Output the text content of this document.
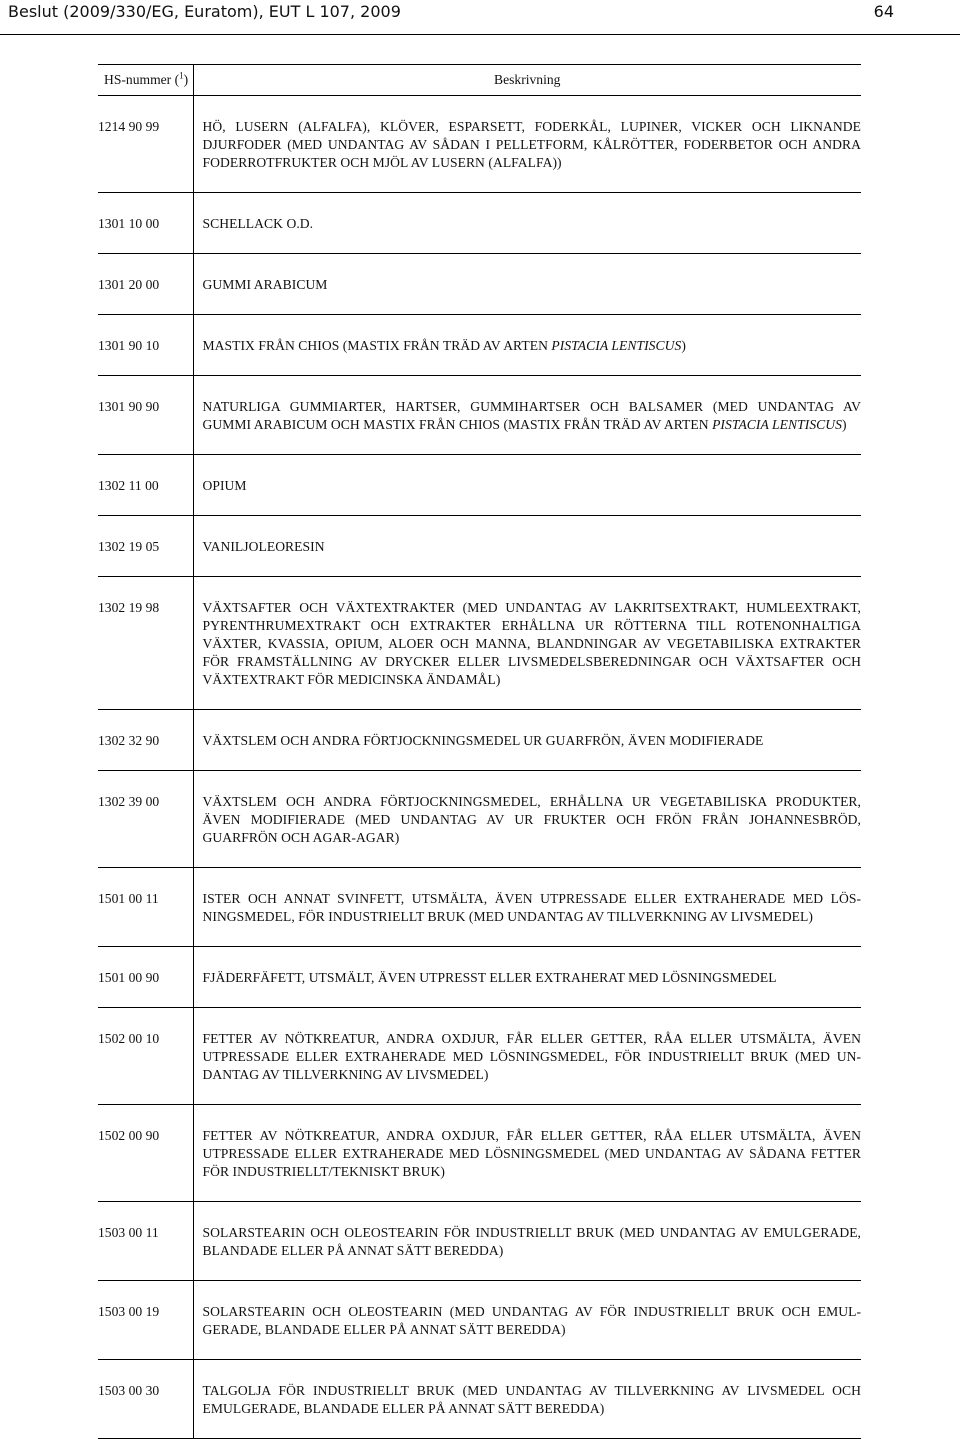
Beslut (2009/330/EG, Euratom), EUT L 107, 2009	64
HS-nummer ($^1$)	Beskrivning
1214 90 99	HÖ, LUSERN (ALFALFA), KLÖVER, ESPARSETT, FODERKÅL, LUPINER, VICKER OCH LIKNANDE DJURFODER (MED UNDANTAG AV SÅDAN I PELLETFORM, KÅLRÖTTER, FODERBETOR OCH ANDRA FODERROTFRUKTER OCH MJÖL AV LUSERN (ALFALFA))
1301 10 00	SCHELLACK O.D.
1301 20 00	GUMMI ARABICUM
1301 90 10	MASTIX FRÅN CHIOS (MASTIX FRÅN TRÄD AV ARTEN PISTACIA LENTISCUS)
1301 90 90	NATURLIGA GUMMIARTER, HARTSER, GUMMIHARTSER OCH BALSAMER (MED UNDANTAG AV GUMMI ARABICUM OCH MASTIX FRÅN CHIOS (MASTIX FRÅN TRÄD AV ARTEN PISTACIA LENTISCUS)
1302 11 00	OPIUM
1302 19 05	VANILJOLEORESIN
1302 19 98	VÄXTSAFTER OCH VÄXTEXTRAKTER (MED UNDANTAG AV LAKRITSEXTRAKT, HUMLEEXTRAKT, PYRENTHRUMEXTRAKT OCH EXTRAKTER ERHÅLLNA UR RÖTTERNA TILL ROTENONHALTIGA VÄXTER, KVASSIA, OPIUM, ALOER OCH MANNA, BLANDNINGAR AV VEGETABILISKA EXTRAKTER FÖR FRAMSTÄLLNING AV DRYCKER ELLER LIVSMEDELSBEREDNINGAR OCH VÄXTSAFTER OCH VÄXTEXTRAKT FÖR MEDICINSKA ÄNDAMÅL)
1302 32 90	VÄXTSLEM OCH ANDRA FÖRTJOCKNINGSMEDEL UR GUARFRÖN, ÄVEN MODIFIERADE
1302 39 00	VÄXTSLEM OCH ANDRA FÖRTJOCKNINGSMEDEL, ERHÅLLNA UR VEGETABILISKA PRODUKTER, ÄVEN MODIFIERADE (MED UNDANTAG AV UR FRUKTER OCH FRÖN FRÅN JOHANNESBRÖD, GUARFRÖN OCH AGAR-AGAR)
1501 00 11	ISTER OCH ANNAT SVINFETT, UTSMÄLTA, ÄVEN UTPRESSADE ELLER EXTRAHERADE MED LÖSNINGSMEDEL, FÖR INDUSTRIELLT BRUK (MED UNDANTAG AV TILLVERKNING AV LIVSMEDEL)
1501 00 90	FJÄDERFÄFETT, UTSMÄLT, ÄVEN UTPRESST ELLER EXTRAHERAT MED LÖSNINGSMEDEL
1502 00 10	FETTER AV NÖTKREATUR, ANDRA OXDJUR, FÅR ELLER GETTER, RÅA ELLER UTSMÄLTA, ÄVEN UTPRESSADE ELLER EXTRAHERADE MED LÖSNINGSMEDEL, FÖR INDUSTRIELLT BRUK (MED UNDANTAG AV TILLVERKNING AV LIVSMEDEL)
1502 00 90	FETTER AV NÖTKREATUR, ANDRA OXDJUR, FÅR ELLER GETTER, RÅA ELLER UTSMÄLTA, ÄVEN UTPRESSADE ELLER EXTRAHERADE MED LÖSNINGSMEDEL (MED UNDANTAG AV SÅDANA FETTER FÖR INDUSTRIELLT/TEKNISKT BRUK)
1503 00 11	SOLARSTEARIN OCH OLEOSTEARIN FÖR INDUSTRIELLT BRUK (MED UNDANTAG AV EMULGERADE, BLANDADE ELLER PÅ ANNAT SÄTT BEREDDA)
1503 00 19	SOLARSTEARIN OCH OLEOSTEARIN (MED UNDANTAG AV FÖR INDUSTRIELLT BRUK OCH EMULGERADE, BLANDADE ELLER PÅ ANNAT SÄTT BEREDDA)
1503 00 30	TALGOLJA FÖR INDUSTRIELLT BRUK (MED UNDANTAG AV TILLVERKNING AV LIVSMEDEL OCH EMULGERADE, BLANDADE ELLER PÅ ANNAT SÄTT BEREDDA)
